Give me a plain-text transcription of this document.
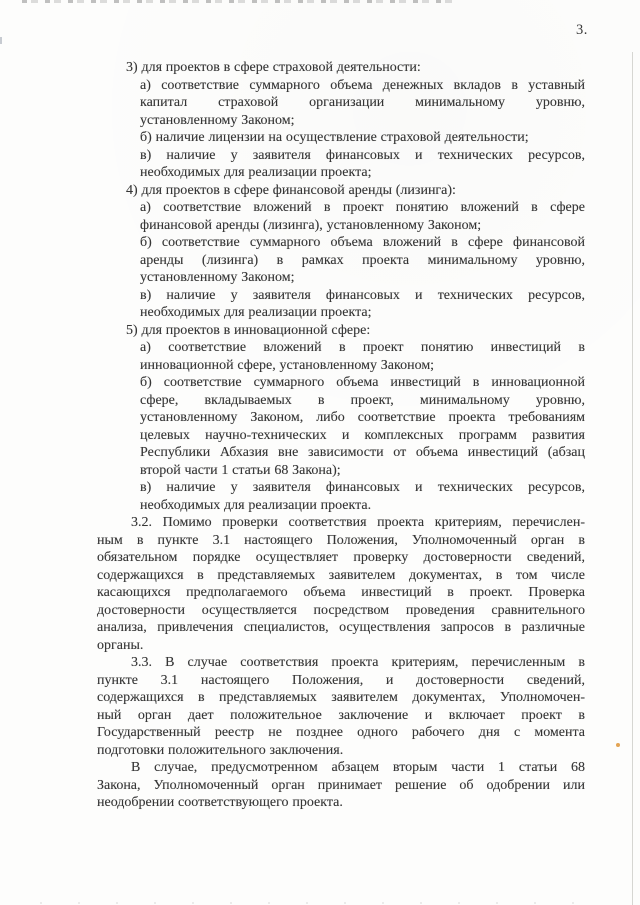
3.
3) для проектов в сфере страховой деятельности:
а) соответствие суммарного объема денежных вкладов в уставный
капитал страховой организации минимальному уровню,
установленному Законом;
б) наличие лицензии на осуществление страховой деятельности;
в) наличие у заявителя финансовых и технических ресурсов,
необходимых для реализации проекта;
4) для проектов в сфере финансовой аренды (лизинга):
а) соответствие вложений в проект понятию вложений в сфере
финансовой аренды (лизинга), установленному Законом;
б) соответствие суммарного объема вложений в сфере финансовой
аренды (лизинга) в рамках проекта минимальному уровню,
установленному Законом;
в) наличие у заявителя финансовых и технических ресурсов,
необходимых для реализации проекта;
5) для проектов в инновационной сфере:
а) соответствие вложений в проект понятию инвестиций в
инновационной сфере, установленному Законом;
б) соответствие суммарного объема инвестиций в инновационной
сфере, вкладываемых в проект, минимальному уровню,
установленному Законом, либо соответствие проекта требованиям
целевых научно-технических и комплексных программ развития
Республики Абхазия вне зависимости от объема инвестиций (абзац
второй части 1 статьи 68 Закона);
в) наличие у заявителя финансовых и технических ресурсов,
необходимых для реализации проекта.
3.2. Помимо проверки соответствия проекта критериям, перечислен-
ным в пункте 3.1 настоящего Положения, Уполномоченный орган в
обязательном порядке осуществляет проверку достоверности сведений,
содержащихся в представляемых заявителем документах, в том числе
касающихся предполагаемого объема инвестиций в проект. Проверка
достоверности осуществляется посредством проведения сравнительного
анализа, привлечения специалистов, осуществления запросов в различные
органы.
3.3. В случае соответствия проекта критериям, перечисленным в
пункте 3.1 настоящего Положения, и достоверности сведений,
содержащихся в представляемых заявителем документах, Уполномочен-
ный орган дает положительное заключение и включает проект в
Государственный реестр не позднее одного рабочего дня с момента
подготовки положительного заключения.
В случае, предусмотренном абзацем вторым части 1 статьи 68
Закона, Уполномоченный орган принимает решение об одобрении или
неодобрении соответствующего проекта.
